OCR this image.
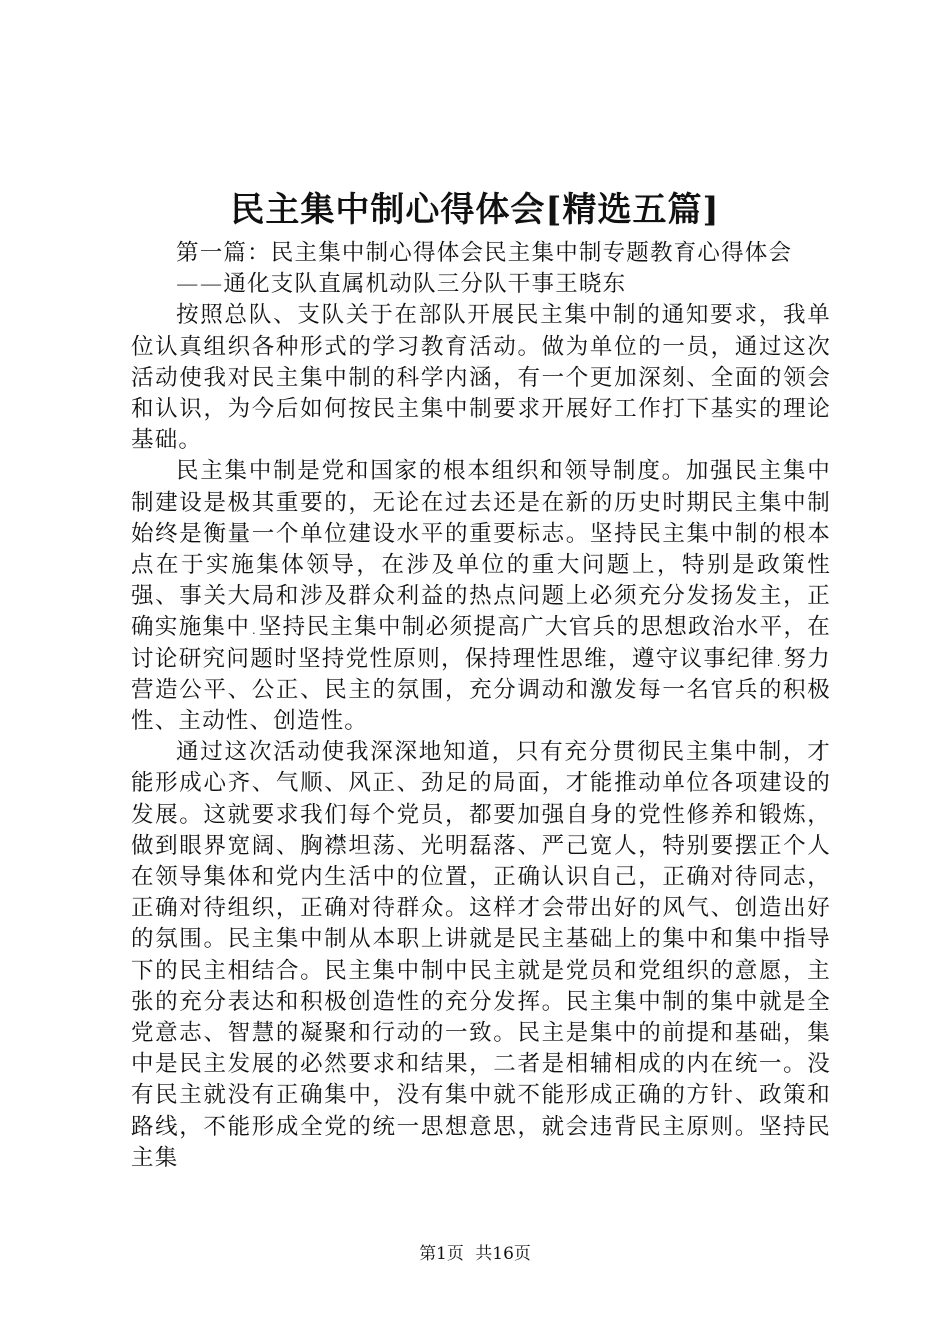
民主集中制心得体会[精选五篇]

第一篇：民主集中制心得体会民主集中制专题教育心得体会

——通化支队直属机动队三分队干事王晓东

按照总队、支队关于在部队开展民主集中制的通知要求，我单位认真组织各种形式的学习教育活动。做为单位的一员，通过这次活动使我对民主集中制的科学内涵，有一个更加深刻、全面的领会和认识，为今后如何按民主集中制要求开展好工作打下基实的理论基础。

民主集中制是党和国家的根本组织和领导制度。加强民主集中制建设是极其重要的，无论在过去还是在新的历史时期民主集中制始终是衡量一个单位建设水平的重要标志。坚持民主集中制的根本点在于实施集体领导，在涉及单位的重大问题上，特别是政策性强、事关大局和涉及群众利益的热点问题上必须充分发扬发主，正确实施集中.坚持民主集中制必须提高广大官兵的思想政治水平，在讨论研究问题时坚持党性原则，保持理性思维，遵守议事纪律.努力营造公平、公正、民主的氛围，充分调动和激发每一名官兵的积极性、主动性、创造性。

通过这次活动使我深深地知道，只有充分贯彻民主集中制，才能形成心齐、气顺、风正、劲足的局面，才能推动单位各项建设的发展。这就要求我们每个党员，都要加强自身的党性修养和锻炼，做到眼界宽阔、胸襟坦荡、光明磊落、严己宽人，特别要摆正个人在领导集体和党内生活中的位置，正确认识自己，正确对待同志，正确对待组织，正确对待群众。这样才会带出好的风气、创造出好的氛围。民主集中制从本职上讲就是民主基础上的集中和集中指导下的民主相结合。民主集中制中民主就是党员和党组织的意愿，主张的充分表达和积极创造性的充分发挥。民主集中制的集中就是全党意志、智慧的凝聚和行动的一致。民主是集中的前提和基础，集中是民主发展的必然要求和结果，二者是相辅相成的内在统一。没有民主就没有正确集中，没有集中就不能形成正确的方针、政策和路线，不能形成全党的统一思想意思，就会违背民主原则。坚持民主集

第1页 共16页
